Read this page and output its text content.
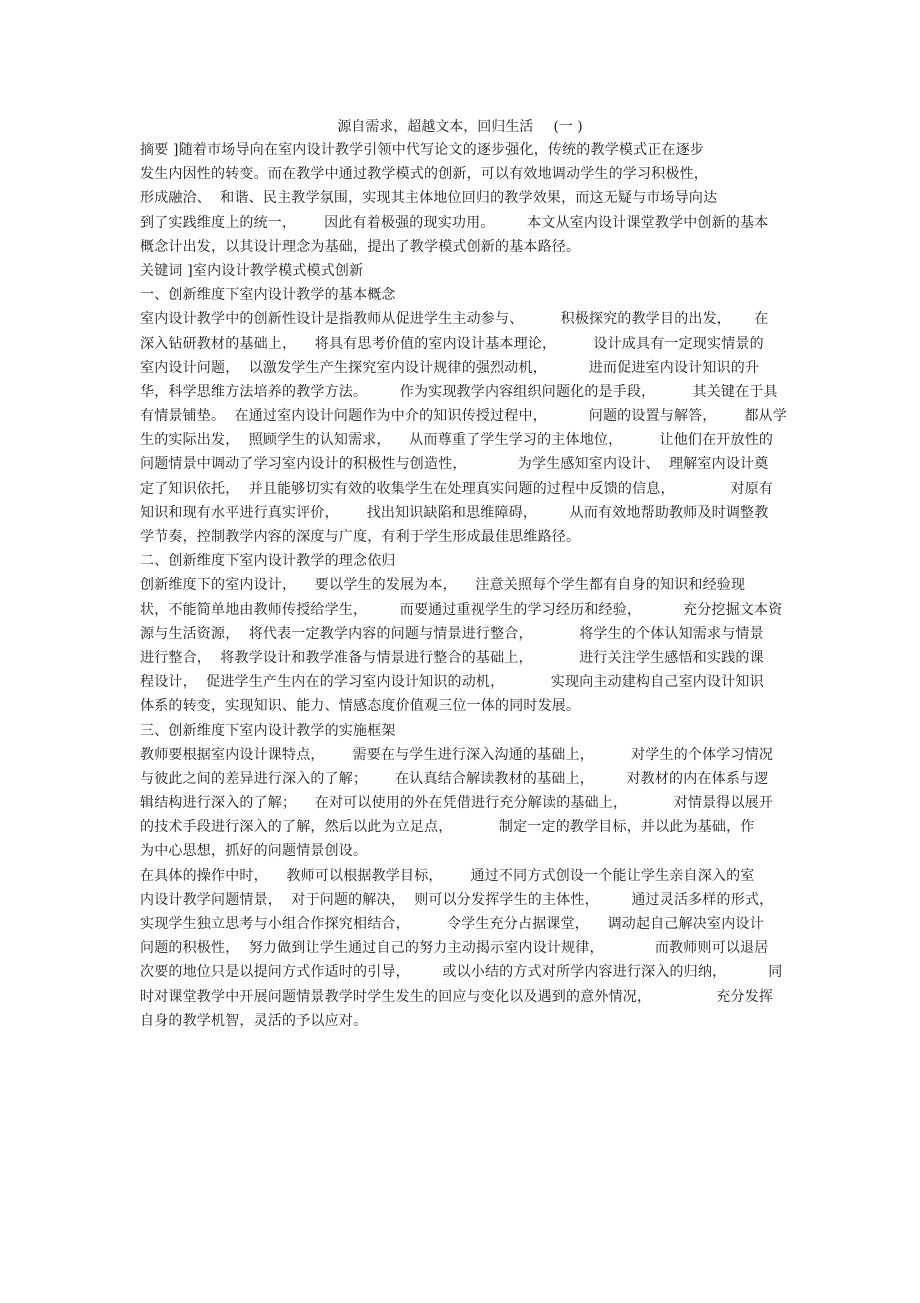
源自需求，超越文本，回归生活 (一 )
摘要 ]随着市场导向在室内设计教学引领中代写论文的逐步强化，传统的教学模式正在逐步
发生内因性的转变。而在教学中通过教学模式的创新，可以有效地调动学生的学习积极性，
形成融洽、  和谐、民主教学氛围，实现其主体地位回归的教学效果，而这无疑与市场导向达
到了实践维度上的统一，      因此有着极强的现实功用。       本文从室内设计课堂教学中创新的基本
概念计出发，以其设计理念为基础，提出了教学模式创新的基本路径。
关键词 ]室内设计教学模式模式创新
一、创新维度下室内设计教学的基本概念
室内设计教学中的创新性设计是指教师从促进学生主动参与、        积极探究的教学目的出发，     在
深入钻研教材的基础上，    将具有思考价值的室内设计基本理论，        设计成具有一定现实情景的
室内设计问题，  以激发学生产生探究室内设计规律的强烈动机，         进而促进室内设计知识的升
华，科学思维方法培养的教学方法。       作为实现教学内容组织问题化的是手段，        其关键在于具
有情景铺垫。  在通过室内设计问题作为中介的知识传授过程中，         问题的设置与解答，      都从学
生的实际出发，  照顾学生的认知需求，    从而尊重了学生学习的主体地位，        让他们在开放性的
问题情景中调动了学习室内设计的积极性与创造性，           为学生感知室内设计、  理解室内设计奠
定了知识依托，  并且能够切实有效的收集学生在处理真实问题的过程中反馈的信息，            对原有
知识和现有水平进行真实评价，      找出知识缺陷和思维障碍，       从而有效地帮助教师及时调整教
学节奏，控制教学内容的深度与广度，有利于学生形成最佳思维路径。
二、创新维度下室内设计教学的理念依归
创新维度下的室内设计，    要以学生的发展为本，    注意关照每个学生都有自身的知识和经验现
状，不能简单地由教师传授给学生，       而要通过重视学生的学习经历和经验，         充分挖掘文本资
源与生活资源，  将代表一定教学内容的问题与情景进行整合，          将学生的个体认知需求与情景
进行整合，  将教学设计和教学准备与情景进行整合的基础上，          进行关注学生感悟和实践的课
程设计，  促进学生产生内在的学习室内设计知识的动机，          实现向主动建构自己室内设计知识
体系的转变，实现知识、能力、情感态度价值观三位一体的同时发展。
三、创新维度下室内设计教学的实施框架
教师要根据室内设计课特点，      需要在与学生进行深入沟通的基础上，        对学生的个体学习情况
与彼此之间的差异进行深入的了解；      在认真结合解读教材的基础上，       对教材的内在体系与逻
辑结构进行深入的了解；    在对可以使用的外在凭借进行充分解读的基础上，          对情景得以展开
的技术手段进行深入的了解，然后以此为立足点，          制定一定的教学目标，并以此为基础，作
为中心思想，抓好的问题情景创设。
在具体的操作中时，    教师可以根据教学目标，      通过不同方式创设一个能让学生亲自深入的室
内设计教学问题情景，  对于问题的解决，  则可以分发挥学生的主体性，       通过灵活多样的形式，
实现学生独立思考与小组合作探究相结合，        令学生充分占据课堂，    调动起自己解决室内设计
问题的积极性，  努力做到让学生通过自己的努力主动揭示室内设计规律，           而教师则可以退居
次要的地位只是以提问方式作适时的引导，       或以小结的方式对所学内容进行深入的归纳，         同
时对课堂教学中开展问题情景教学时学生发生的回应与变化以及遇到的意外情况，              充分发挥
自身的教学机智，灵活的予以应对。
